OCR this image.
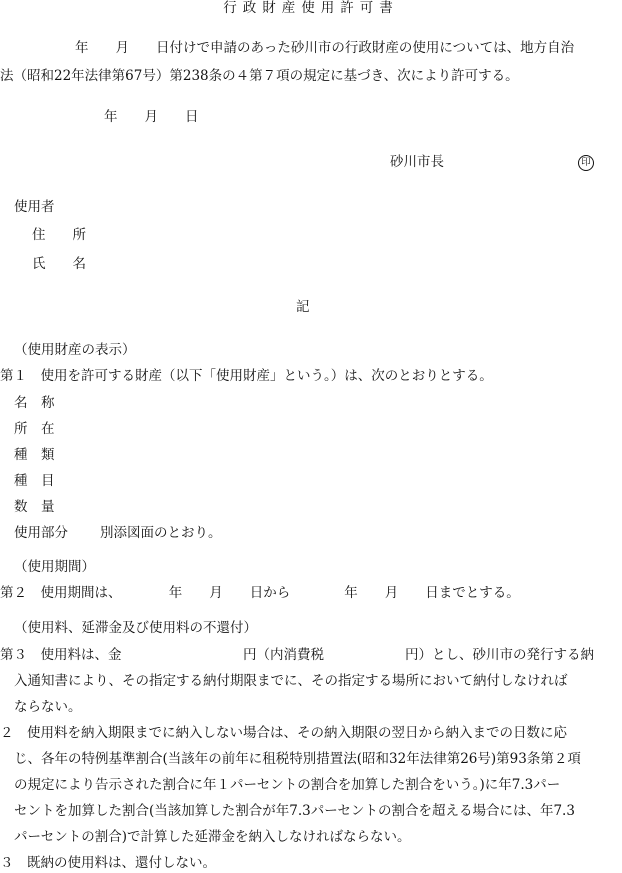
行政財産使用許可書
年　　月　　日付けで申請のあった砂川市の行政財産の使用については、地方自治
法（昭和22年法律第67号）第238条の４第７項の規定に基づき、次により許可する。
年　　月　　日
砂川市長	印
使用者
住　　所
氏　　名
記
（使用財産の表示）
第１　使用を許可する財産（以下「使用財産」という。）は、次のとおりとする。
名　称
所　在
種　類
種　目
数　量
使用部分 別添図面のとおり。
（使用期間）
第２　使用期間は、　　　　年　　月　　日から　　　　年　　月　　日までとする。
（使用料、延滞金及び使用料の不還付）
第３　使用料は、金　　　　　　　　　円（内消費税　　　　　　円）とし、砂川市の発行する納
入通知書により、その指定する納付期限までに、その指定する場所において納付しなければ
ならない。
２　使用料を納入期限までに納入しない場合は、その納入期限の翌日から納入までの日数に応
じ、各年の特例基準割合(当該年の前年に租税特別措置法(昭和32年法律第26号)第93条第２項
の規定により告示された割合に年１パーセントの割合を加算した割合をいう。)に年7.3パー
セントを加算した割合(当該加算した割合が年7.3パーセントの割合を超える場合には、年7.3
パーセントの割合)で計算した延滞金を納入しなければならない。
３　既納の使用料は、還付しない。
